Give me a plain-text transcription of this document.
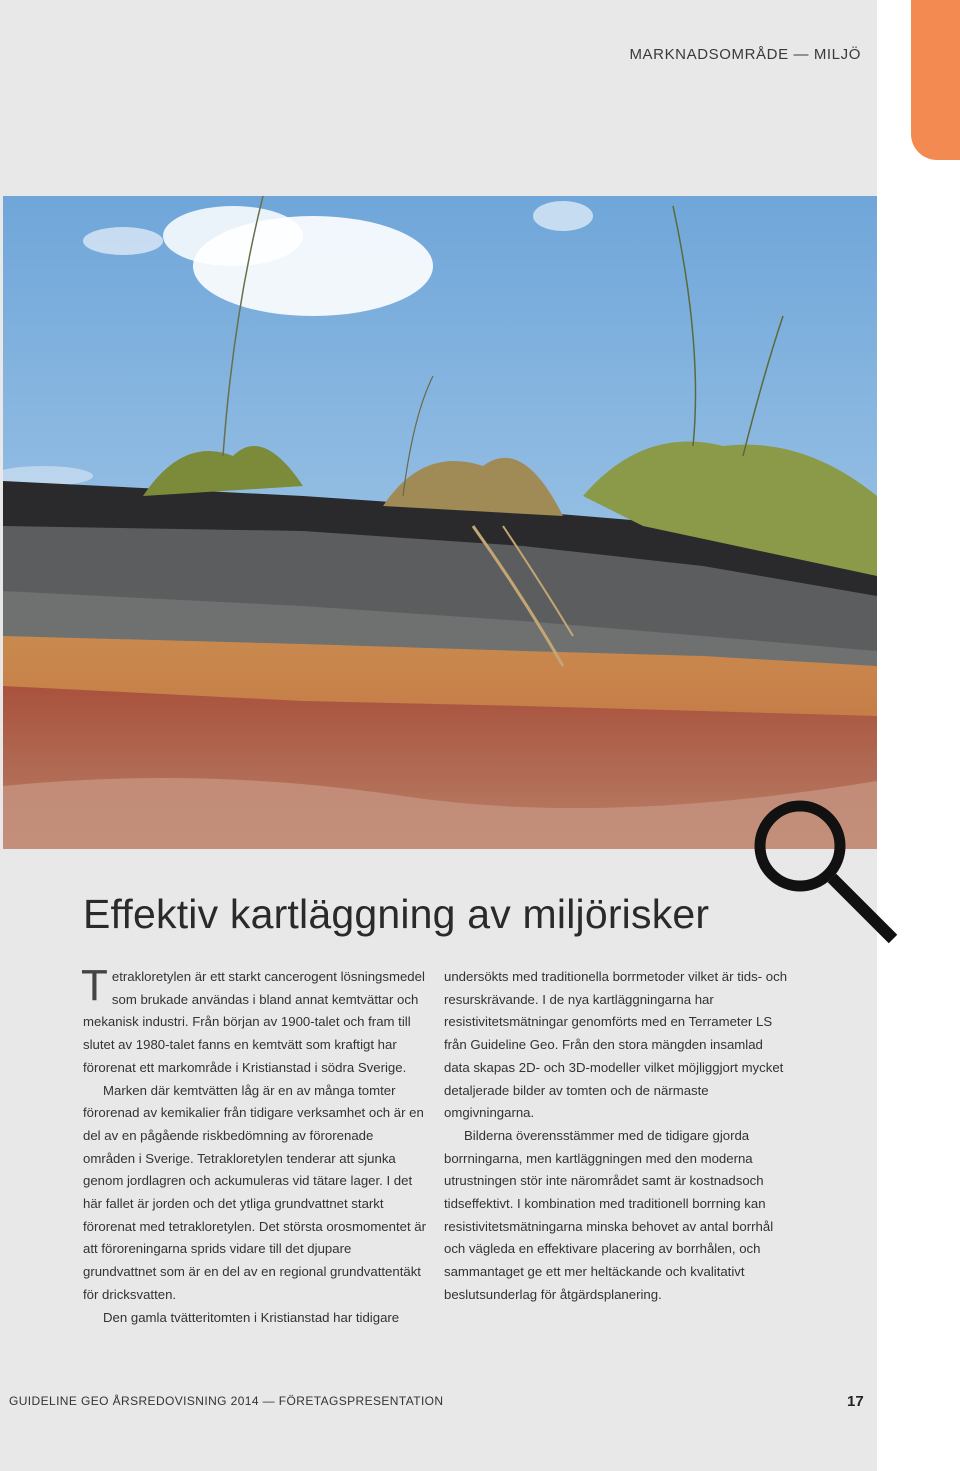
MARKNADSOMRÅDE — MILJÖ
Effektiv kartläggning av miljörisker

Tetrakloretylen är ett starkt cancerogent lösningsmedel som brukade användas i bland annat kemtvättar och mekanisk industri. Från början av 1900-talet och fram till slutet av 1980-talet fanns en kemtvätt som kraftigt har förorenat ett markområde i Kristianstad i södra Sverige.

Marken där kemtvätten låg är en av många tomter förorenad av kemikalier från tidigare verksamhet och är en del av en pågående riskbedömning av förorenade områden i Sverige. Tetrakloretylen tenderar att sjunka genom jordlagren och ackumuleras vid tätare lager. I det här fallet är jorden och det ytliga grundvattnet starkt förorenat med tetrakloretylen. Det största orosmomentet är att föroreningarna sprids vidare till det djupare grundvattnet som är en del av en regional grundvattentäkt för dricksvatten.

Den gamla tvätteritomten i Kristianstad har tidigare

undersökts med traditionella borrmetoder vilket är tids- och resurskrävande. I de nya kartläggningarna har resistivitetsmätningar genomförts med en Terrameter LS från Guideline Geo. Från den stora mängden insamlad data skapas 2D- och 3D-modeller vilket möjliggjort mycket detaljerade bilder av tomten och de närmaste omgivningarna.

Bilderna överensstämmer med de tidigare gjorda borrningarna, men kartläggningen med den moderna utrustningen stör inte närområdet samt är kostnadsoch tidseffektivt. I kombination med traditionell borrning kan resistivitetsmätningarna minska behovet av antal borrhål och vägleda en effektivare placering av borrhålen, och sammantaget ge ett mer heltäckande och kvalitativt beslutsunderlag för åtgärdsplanering.

GUIDELINE GEO ÅRSREDOVISNING 2014 — FÖRETAGSPRESENTATION	17
